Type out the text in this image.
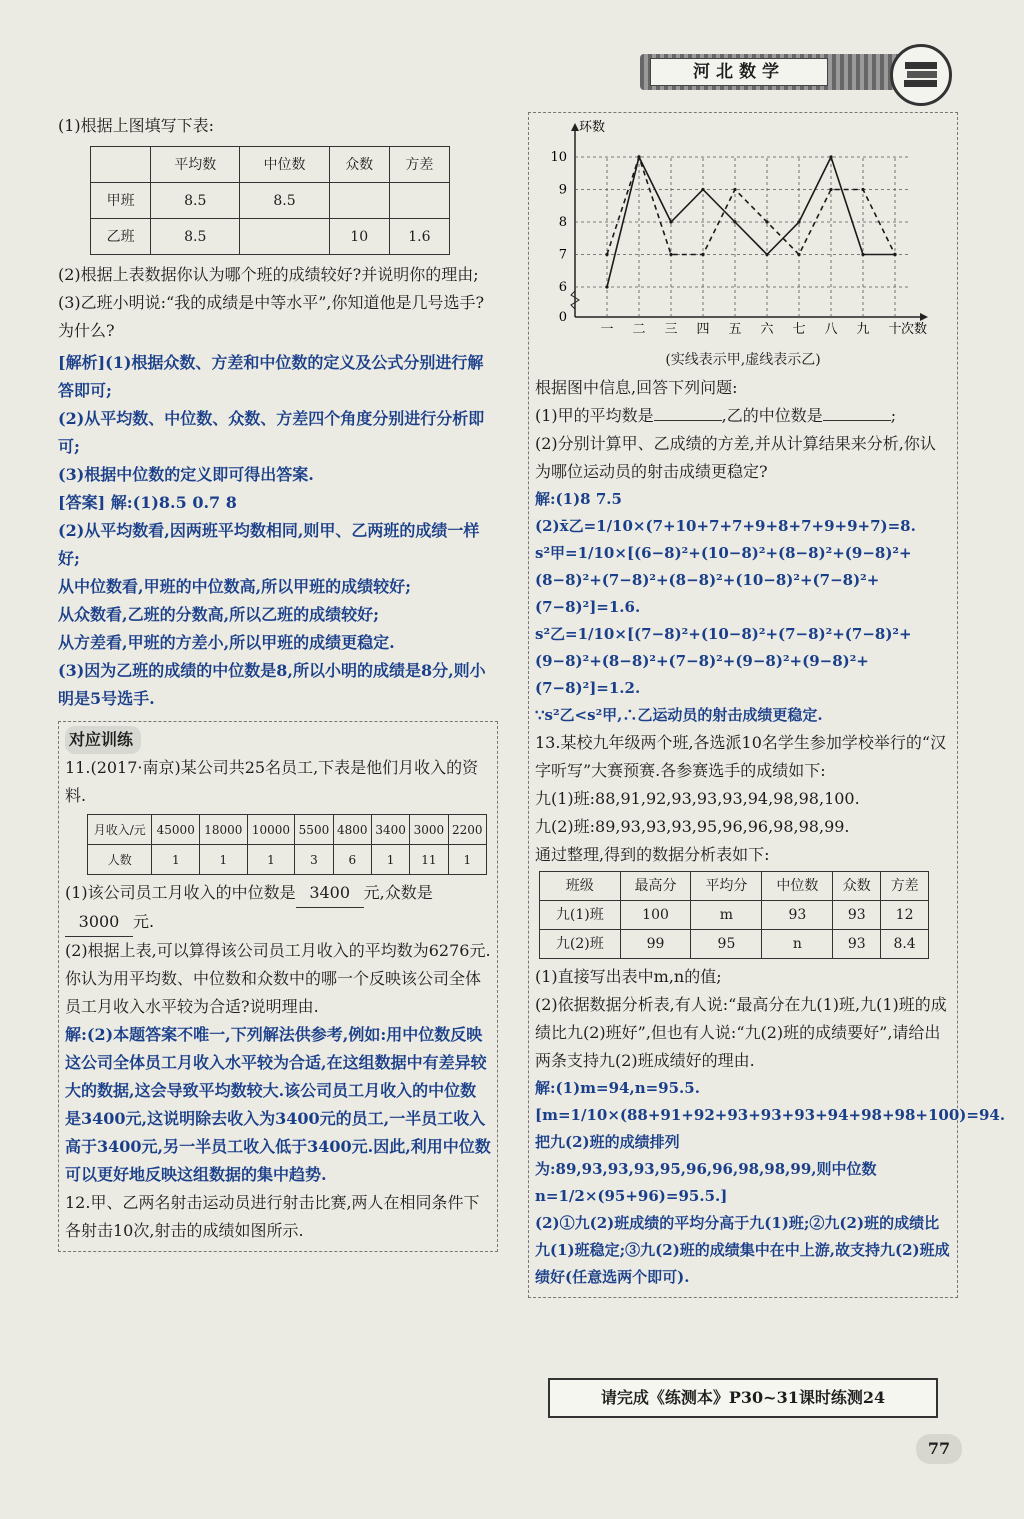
河北数学

(1)根据上图填写下表:

	平均数	中位数	众数	方差
甲班	8.5	8.5		
乙班	8.5		10	1.6

(2)根据上表数据你认为哪个班的成绩较好?并说明你的理由;

(3)乙班小明说:“我的成绩是中等水平”,你知道他是几号选手?为什么?

[解析](1)根据众数、方差和中位数的定义及公式分别进行解答即可;

(2)从平均数、中位数、众数、方差四个角度分别进行分析即可;

(3)根据中位数的定义即可得出答案.

[答案] 解:(1)8.5 0.7 8

(2)从平均数看,因两班平均数相同,则甲、乙两班的成绩一样好;

从中位数看,甲班的中位数高,所以甲班的成绩较好;

从众数看,乙班的分数高,所以乙班的成绩较好;

从方差看,甲班的方差小,所以甲班的成绩更稳定.

(3)因为乙班的成绩的中位数是8,所以小明的成绩是8分,则小明是5号选手.

对应训练

11.(2017·南京)某公司共25名员工,下表是他们月收入的资料.

月收入/元	45000	18000	10000	5500	4800	3400	3000	2200
人数	1	1	1	3	6	1	11	1

(1)该公司员工月收入的中位数是 3400 元,众数是3000 元.

(2)根据上表,可以算得该公司员工月收入的平均数为6276元.你认为用平均数、中位数和众数中的哪一个反映该公司全体员工月收入水平较为合适?说明理由.

解:(2)本题答案不唯一,下列解法供参考,例如:用中位数反映这公司全体员工月收入水平较为合适,在这组数据中有差异较大的数据,这会导致平均数较大.该公司员工月收入的中位数是3400元,这说明除去收入为3400元的员工,一半员工收入高于3400元,另一半员工收入低于3400元.因此,利用中位数可以更好地反映这组数据的集中趋势.

12.甲、乙两名射击运动员进行射击比赛,两人在相同条件下各射击10次,射击的成绩如图所示.

一 二 三 四 五 六 七 八 九 十
0
6
7
8
9
10
环数
次数

(实线表示甲,虚线表示乙)

根据图中信息,回答下列问题:

(1)甲的平均数是	,乙的中位数是	;

(2)分别计算甲、乙成绩的方差,并从计算结果来分析,你认为哪位运动员的射击成绩更稳定?

解:(1)8 7.5

(2)x̄乙=1/10×(7+10+7+7+9+8+7+9+9+7)=8.

s²甲=1/10×[(6−8)²+(10−8)²+(8−8)²+(9−8)²+(8−8)²+(7−8)²+(8−8)²+(10−8)²+(7−8)²+(7−8)²]=1.6.

s²乙=1/10×[(7−8)²+(10−8)²+(7−8)²+(7−8)²+(9−8)²+(8−8)²+(7−8)²+(9−8)²+(9−8)²+(7−8)²]=1.2.

∵s²乙<s²甲,∴乙运动员的射击成绩更稳定.

13.某校九年级两个班,各选派10名学生参加学校举行的“汉字听写”大赛预赛.各参赛选手的成绩如下:

九(1)班:88,91,92,93,93,93,94,98,98,100.

九(2)班:89,93,93,93,95,96,96,98,98,99.

通过整理,得到的数据分析表如下:

班级	最高分	平均分	中位数	众数	方差
九(1)班	100	m	93	93	12
九(2)班	99	95	n	93	8.4

(1)直接写出表中m,n的值;

(2)依据数据分析表,有人说:“最高分在九(1)班,九(1)班的成绩比九(2)班好”,但也有人说:“九(2)班的成绩要好”,请给出两条支持九(2)班成绩好的理由.

解:(1)m=94,n=95.5.[m=1/10×(88+91+92+93+93+93+94+98+98+100)=94.

把九(2)班的成绩排列为:89,93,93,93,95,96,96,98,98,99,则中位数n=1/2×(95+96)=95.5.]

(2)①九(2)班成绩的平均分高于九(1)班;②九(2)班的成绩比九(1)班稳定;③九(2)班的成绩集中在中上游,故支持九(2)班成绩好(任意选两个即可).

请完成《练测本》P30~31课时练测24
77
